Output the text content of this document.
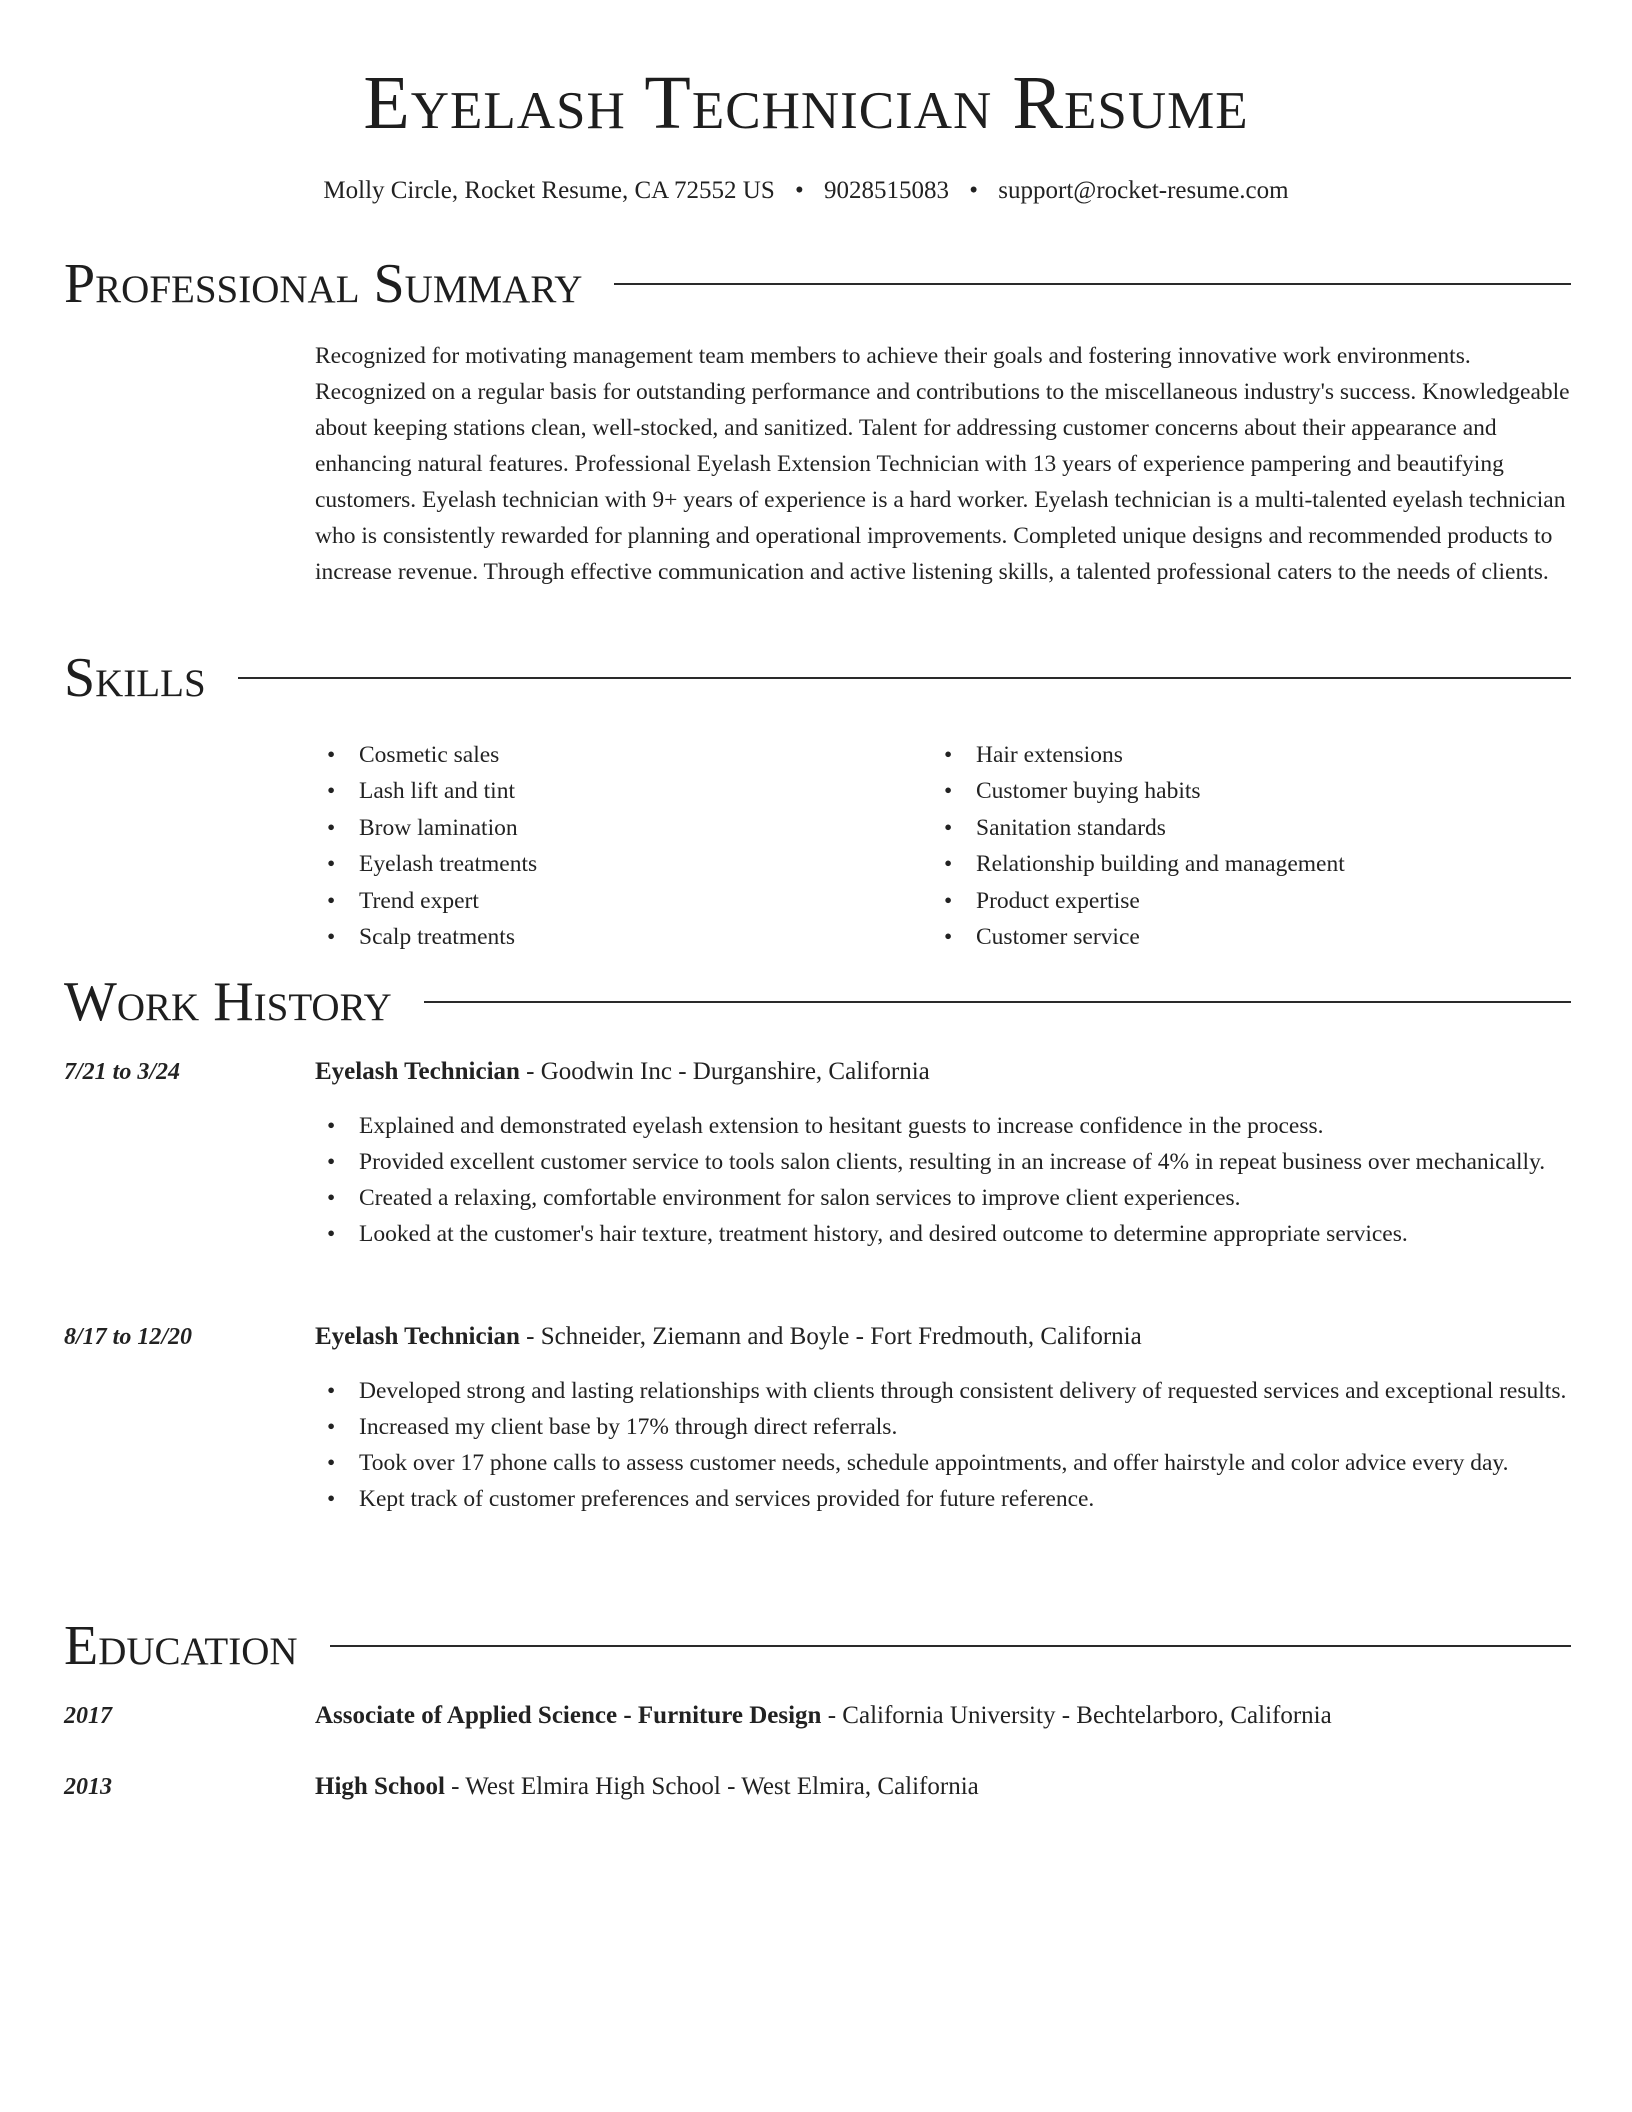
Eyelash Technician Resume
Molly Circle, Rocket Resume, CA 72552 US • 9028515083 • support@rocket-resume.com
Professional Summary

Recognized for motivating management team members to achieve their goals and fostering innovative work environments. Recognized on a regular basis for outstanding performance and contributions to the miscellaneous industry's success. Knowledgeable about keeping stations clean, well-stocked, and sanitized. Talent for addressing customer concerns about their appearance and enhancing natural features. Professional Eyelash Extension Technician with 13 years of experience pampering and beautifying customers. Eyelash technician with 9+ years of experience is a hard worker. Eyelash technician is a multi-talented eyelash technician who is consistently rewarded for planning and operational improvements. Completed unique designs and recommended products to increase revenue. Through effective communication and active listening skills, a talented professional caters to the needs of clients.

Skills
• Cosmetic sales
• Lash lift and tint
• Brow lamination
• Eyelash treatments
• Trend expert
• Scalp treatments
• Hair extensions
• Customer buying habits
• Sanitation standards
• Relationship building and management
• Product expertise
• Customer service
Work History
7/21 to 3/24	Eyelash Technician - Goodwin Inc - Durganshire, California
• Explained and demonstrated eyelash extension to hesitant guests to increase confidence in the process.
• Provided excellent customer service to tools salon clients, resulting in an increase of 4% in repeat business over mechanically.
• Created a relaxing, comfortable environment for salon services to improve client experiences.
• Looked at the customer's hair texture, treatment history, and desired outcome to determine appropriate services.
8/17 to 12/20	Eyelash Technician - Schneider, Ziemann and Boyle - Fort Fredmouth, California
• Developed strong and lasting relationships with clients through consistent delivery of requested services and exceptional results.
• Increased my client base by 17% through direct referrals.
• Took over 17 phone calls to assess customer needs, schedule appointments, and offer hairstyle and color advice every day.
• Kept track of customer preferences and services provided for future reference.
Education
2017	Associate of Applied Science - Furniture Design - California University - Bechtelarboro, California
2013	High School - West Elmira High School - West Elmira, California
